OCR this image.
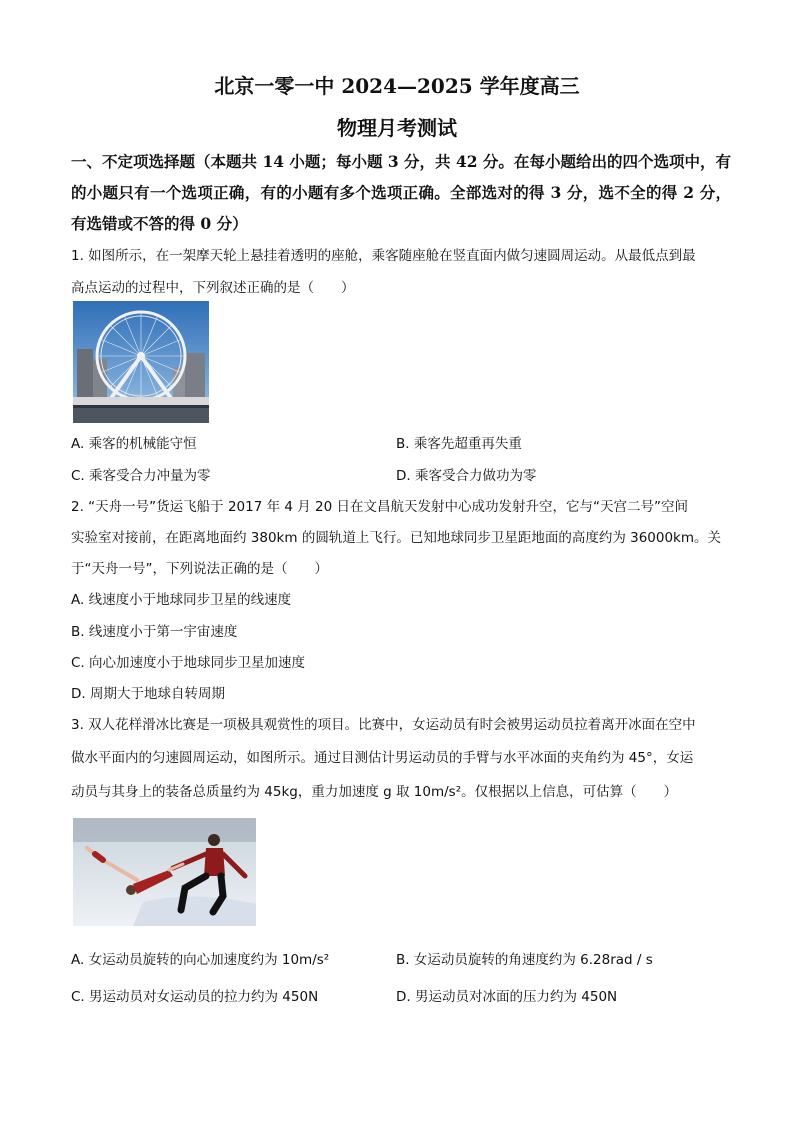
北京一零一中 2024—2025 学年度高三
物理月考测试
一、不定项选择题（本题共 14 小题；每小题 3 分，共 42 分。在每小题给出的四个选项中，有的小题只有一个选项正确，有的小题有多个选项正确。全部选对的得 3 分，选不全的得 2 分，有选错或不答的得 0 分）
1. 如图所示，在一架摩天轮上悬挂着透明的座舱，乘客随座舱在竖直面内做匀速圆周运动。从最低点到最
高点运动的过程中，下列叙述正确的是（　　）
A. 乘客的机械能守恒	B. 乘客先超重再失重
C. 乘客受合力冲量为零	D. 乘客受合力做功为零
2. “天舟一号”货运飞船于 2017 年 4 月 20 日在文昌航天发射中心成功发射升空，它与“天宫二号”空间
实验室对接前，在距离地面约 380km 的圆轨道上飞行。已知地球同步卫星距地面的高度约为 36000km。关
于“天舟一号”，下列说法正确的是（　　）
A. 线速度小于地球同步卫星的线速度
B. 线速度小于第一宇宙速度
C. 向心加速度小于地球同步卫星加速度
D. 周期大于地球自转周期
3. 双人花样滑冰比赛是一项极具观赏性的项目。比赛中，女运动员有时会被男运动员拉着离开冰面在空中
做水平面内的匀速圆周运动，如图所示。通过目测估计男运动员的手臂与水平冰面的夹角约为 45°，女运
动员与其身上的装备总质量约为 45kg，重力加速度 g 取 10m/s²。仅根据以上信息，可估算（　　）
A. 女运动员旋转的向心加速度约为 10m/s²	B. 女运动员旋转的角速度约为 6.28rad / s
C. 男运动员对女运动员的拉力约为 450N	D. 男运动员对冰面的压力约为 450N
